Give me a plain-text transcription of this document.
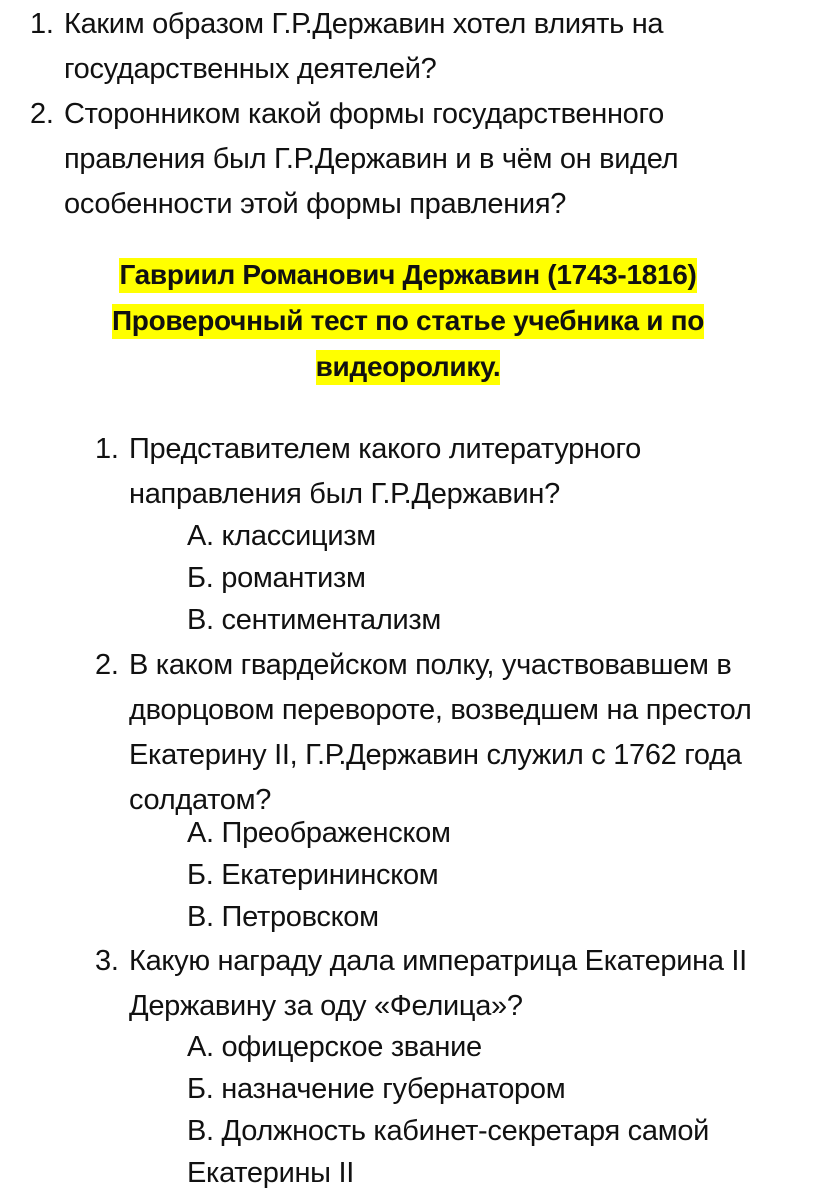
1. Каким образом Г.Р.Державин хотел влиять на государственных деятелей?
2. Сторонником какой формы государственного правления был Г.Р.Державин и в чём он видел особенности этой формы правления?
Гавриил Романович Державин (1743-1816)
Проверочный тест по статье учебника и по
видеоролику.
1. Представителем какого литературного направления был Г.Р.Державин?
А. классицизм
Б. романтизм
В. сентиментализм
2. В каком гвардейском полку, участвовавшем в дворцовом перевороте, возведшем на престол Екатерину II, Г.Р.Державин служил с 1762 года солдатом?
А. Преображенском
Б. Екатерининском
В. Петровском
3. Какую награду дала императрица Екатерина II Державину за оду «Фелица»?
А. офицерское звание
Б. назначение губернатором
В. Должность кабинет-секретаря самой
Екатерины II
